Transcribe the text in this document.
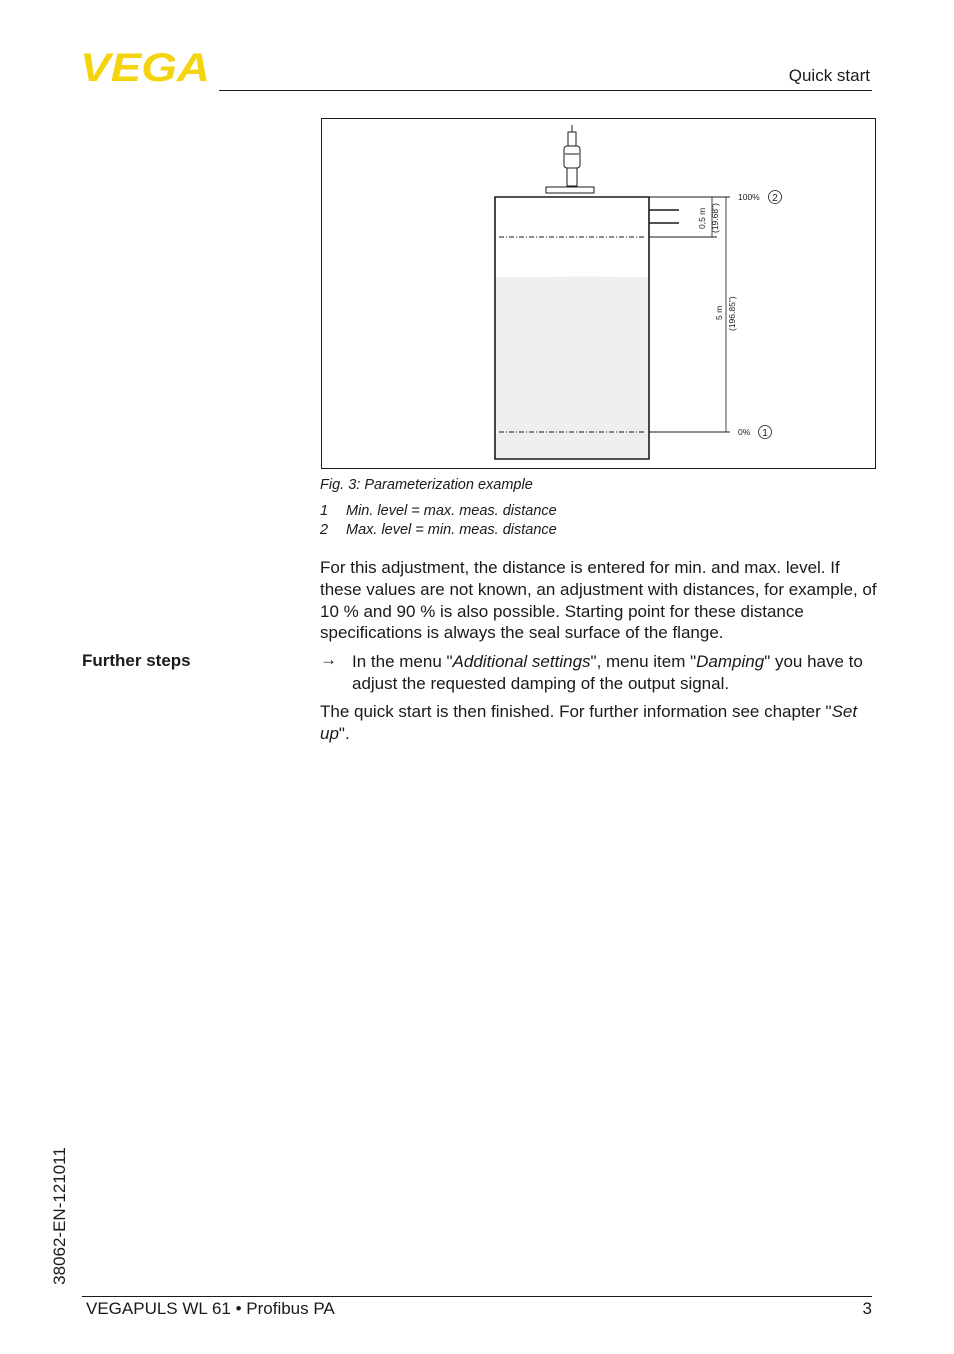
VEGA	Quick start
0,5 m (19.68")
5 m (196.85")
100% 2
0% 1
Fig. 3: Parameterization example
1 Min. level = max. meas. distance
2 Max. level = min. meas. distance
For this adjustment, the distance is entered for min. and max. level. If these values are not known, an adjustment with distances, for example, of 10 % and 90 % is also possible. Starting point for these distance specifications is always the seal surface of the flange.
Further steps	→ In the menu "Additional settings", menu item "Damping" you have to adjust the requested damping of the output signal.
The quick start is then finished. For further information see chapter "Set up".
38062-EN-121011
VEGAPULS WL 61 • Profibus PA	3
